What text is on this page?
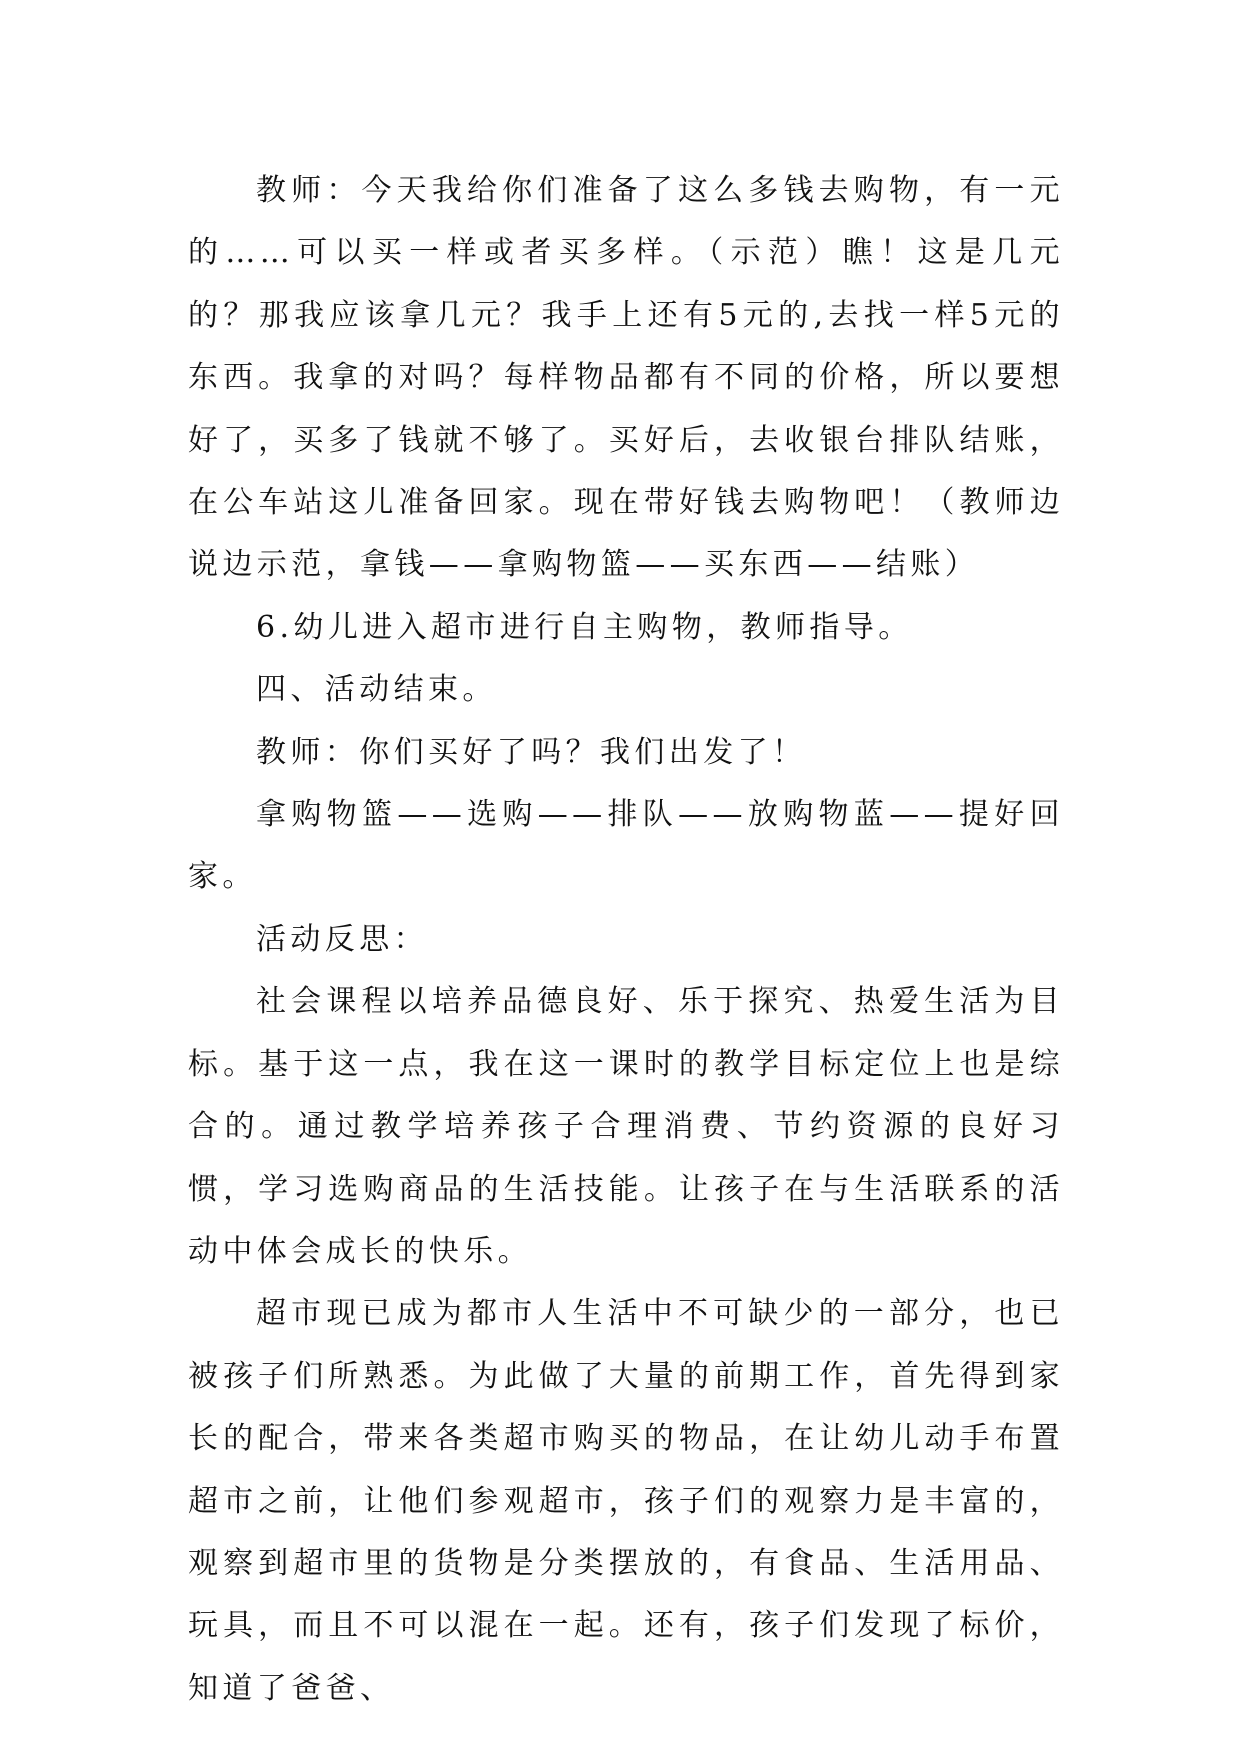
教师：今天我给你们准备了这么多钱去购物，有一元的……可以买一样或者买多样。（示范）瞧！这是几元的？那我应该拿几元？我手上还有5元的,去找一样5元的东西。我拿的对吗？每样物品都有不同的价格，所以要想好了，买多了钱就不够了。买好后，去收银台排队结账，在公车站这儿准备回家。现在带好钱去购物吧！（教师边说边示范，拿钱——拿购物篮——买东西——结账）

6.幼儿进入超市进行自主购物，教师指导。

四、活动结束。

教师：你们买好了吗？我们出发了！

拿购物篮——选购——排队——放购物蓝——提好回家。

活动反思：

社会课程以培养品德良好、乐于探究、热爱生活为目标。基于这一点，我在这一课时的教学目标定位上也是综合的。通过教学培养孩子合理消费、节约资源的良好习惯，学习选购商品的生活技能。让孩子在与生活联系的活动中体会成长的快乐。

超市现已成为都市人生活中不可缺少的一部分，也已被孩子们所熟悉。为此做了大量的前期工作，首先得到家长的配合，带来各类超市购买的物品，在让幼儿动手布置超市之前，让他们参观超市，孩子们的观察力是丰富的，观察到超市里的货物是分类摆放的，有食品、生活用品、玩具，而且不可以混在一起。还有，孩子们发现了标价，知道了爸爸、
